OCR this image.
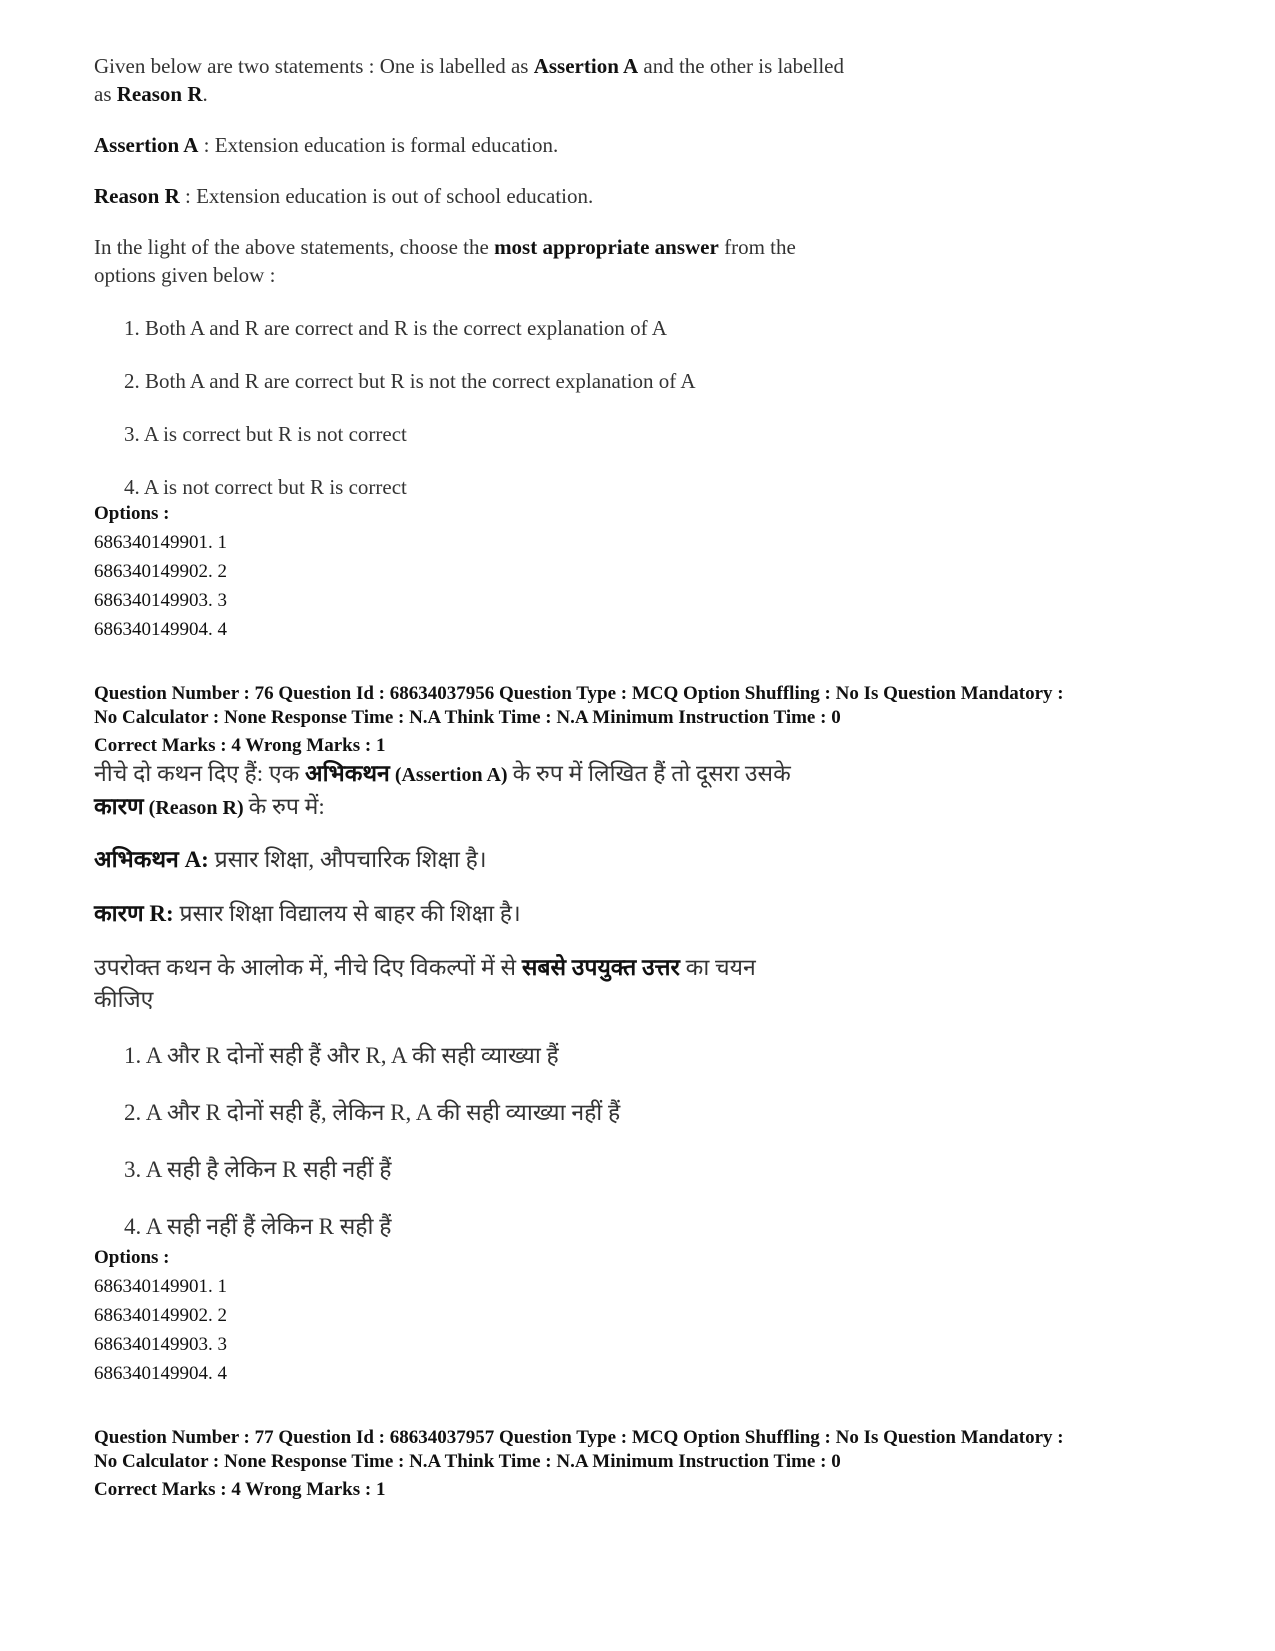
Given below are two statements : One is labelled as Assertion A and the other is labelled as Reason R.
Assertion A : Extension education is formal education.
Reason R : Extension education is out of school education.
In the light of the above statements, choose the most appropriate answer from the options given below :
1. Both A and R are correct and R is the correct explanation of A
2. Both A and R are correct but R is not the correct explanation of A
3. A is correct but R is not correct
4. A is not correct but R is correct
Options :
686340149901. 1
686340149902. 2
686340149903. 3
686340149904. 4
Question Number : 76 Question Id : 68634037956 Question Type : MCQ Option Shuffling : No Is Question Mandatory :
No Calculator : None Response Time : N.A Think Time : N.A Minimum Instruction Time : 0
Correct Marks : 4 Wrong Marks : 1
नीचे दो कथन दिए हैं: एक अभिकथन (Assertion A) के रुप में लिखित हैं तो दूसरा उसके
कारण (Reason R) के रुप में:
अभिकथन A: प्रसार शिक्षा, औपचारिक शिक्षा है।
कारण R: प्रसार शिक्षा विद्यालय से बाहर की शिक्षा है।
उपरोक्त कथन के आलोक में, नीचे दिए विकल्पों में से सबसे उपयुक्त उत्तर का चयन
कीजिए
1. A और R दोनों सही हैं और R, A की सही व्याख्या हैं
2. A और R दोनों सही हैं, लेकिन R, A की सही व्याख्या नहीं हैं
3. A सही है लेकिन R सही नहीं हैं
4. A सही नहीं हैं लेकिन R सही हैं
Options :
686340149901. 1
686340149902. 2
686340149903. 3
686340149904. 4
Question Number : 77 Question Id : 68634037957 Question Type : MCQ Option Shuffling : No Is Question Mandatory :
No Calculator : None Response Time : N.A Think Time : N.A Minimum Instruction Time : 0
Correct Marks : 4 Wrong Marks : 1
